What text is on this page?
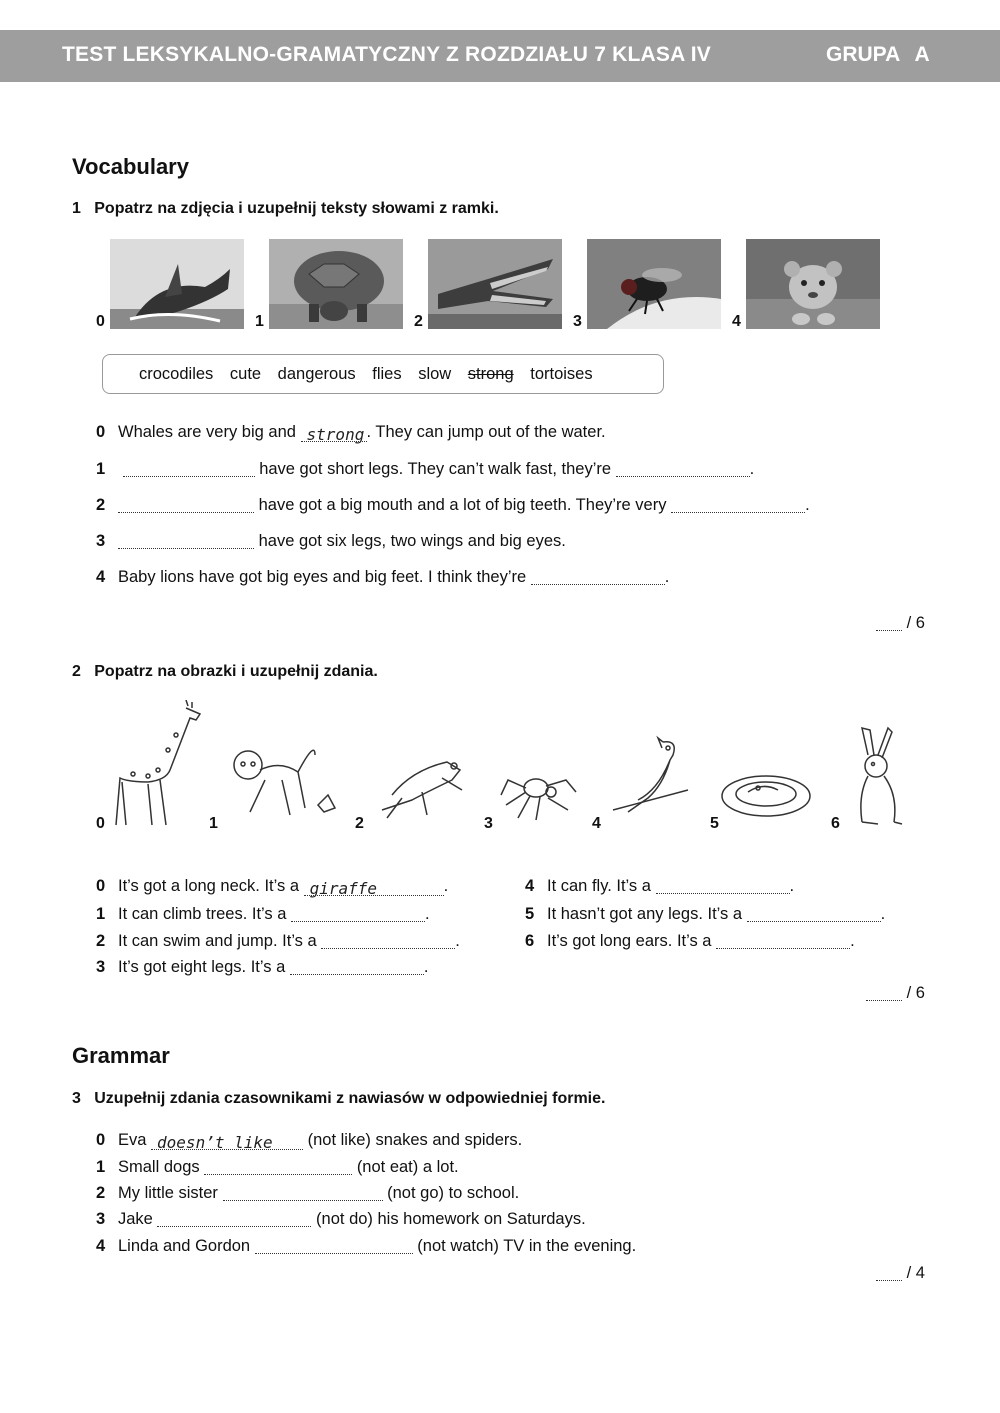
TEST LEKSYKALNO-GRAMATYCZNY Z ROZDZIAŁU 7 KLASA IV	GRUPA A
Vocabulary
1 Popatrz na zdjęcia i uzupełnij teksty słowami z ramki.
0	1	2	3	4
crocodiles cute dangerous flies slow strong tortoises
0 Whales are very big and strong . They can jump out of the water.
1	have got short legs. They can’t walk fast, they’re	.
2	have got a big mouth and a lot of big teeth. They’re very	.
3	have got six legs, two wings and big eyes.
4 Baby lions have got big eyes and big feet. I think they’re	.
/ 6
2 Popatrz na obrazki i uzupełnij zdania.
0	1	2	3	4	5	6
0 It’s got a long neck. It’s a giraffe	.
1 It can climb trees. It’s a	.
2 It can swim and jump. It’s a	.
3 It’s got eight legs. It’s a	.
4 It can fly. It’s a	.
5 It hasn’t got any legs. It’s a	.
6 It’s got long ears. It’s a	.
/ 6
Grammar
3 Uzupełnij zdania czasownikami z nawiasów w odpowiedniej formie.
0 Eva doesn’t like (not like) snakes and spiders.
1 Small dogs	(not eat) a lot.
2 My little sister	(not go) to school.
3 Jake	(not do) his homework on Saturdays.
4 Linda and Gordon	(not watch) TV in the evening.
/ 4
